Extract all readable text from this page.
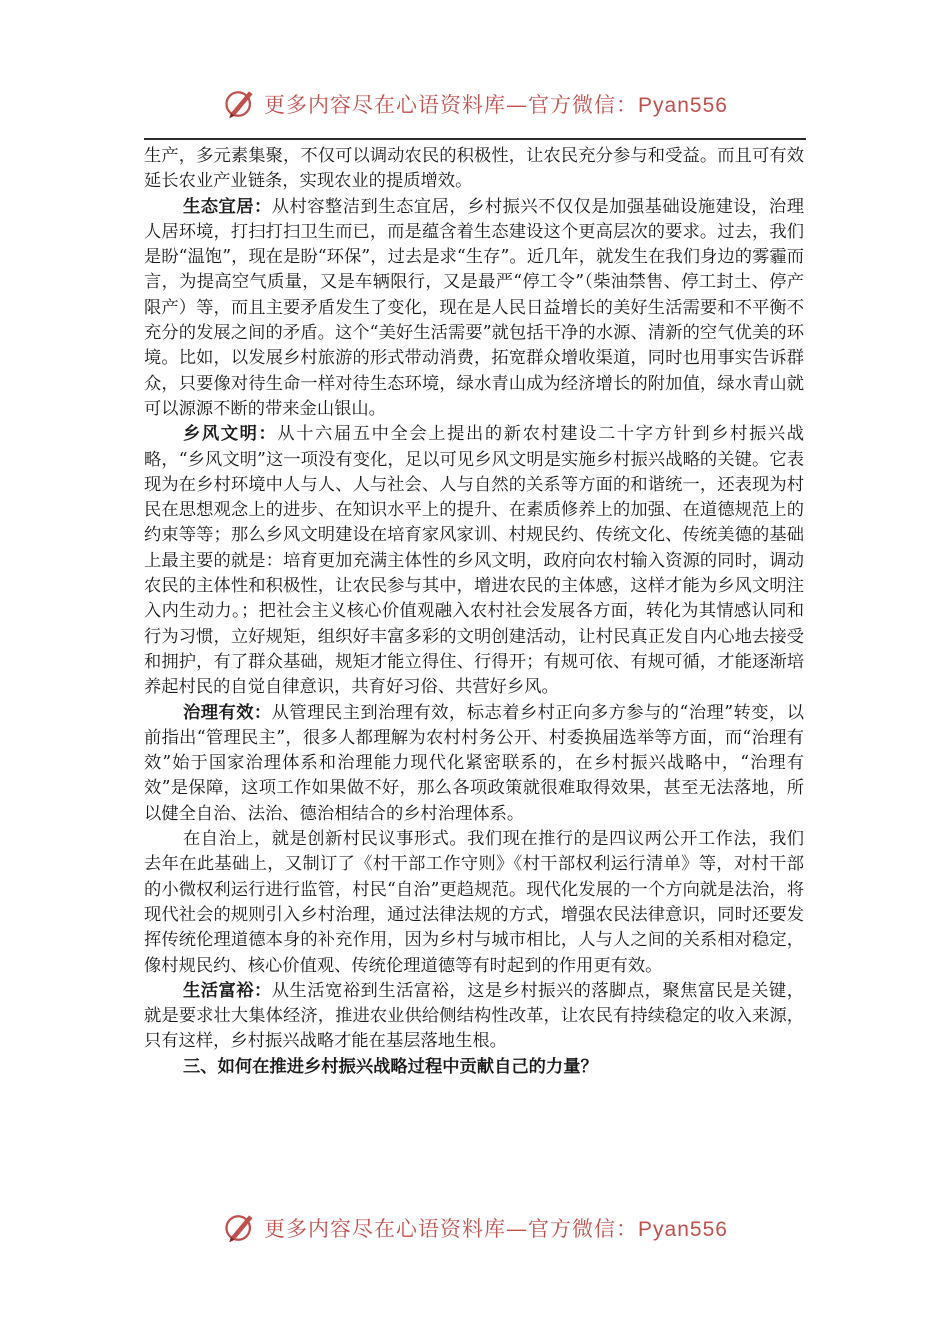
更多内容尽在心语资料库—官方微信：Pyan556

生产，多元素集聚，不仅可以调动农民的积极性，让农民充分参与和受益。而且可有效延长农业产业链条，实现农业的提质增效。

生态宜居：从村容整洁到生态宜居，乡村振兴不仅仅是加强基础设施建设，治理人居环境，打扫打扫卫生而已，而是蕴含着生态建设这个更高层次的要求。过去，我们是盼“温饱”，现在是盼“环保”，过去是求“生存”。近几年，就发生在我们身边的雾霾而言，为提高空气质量，又是车辆限行，又是最严“停工令”（柴油禁售、停工封土、停产限产）等，而且主要矛盾发生了变化，现在是人民日益增长的美好生活需要和不平衡不充分的发展之间的矛盾。这个“美好生活需要”就包括干净的水源、清新的空气优美的环境。比如，以发展乡村旅游的形式带动消费，拓宽群众增收渠道，同时也用事实告诉群众，只要像对待生命一样对待生态环境，绿水青山成为经济增长的附加值，绿水青山就可以源源不断的带来金山银山。

乡风文明：从十六届五中全会上提出的新农村建设二十字方针到乡村振兴战略，“乡风文明”这一项没有变化，足以可见乡风文明是实施乡村振兴战略的关键。它表现为在乡村环境中人与人、人与社会、人与自然的关系等方面的和谐统一，还表现为村民在思想观念上的进步、在知识水平上的提升、在素质修养上的加强、在道德规范上的约束等等；那么乡风文明建设在培育家风家训、村规民约、传统文化、传统美德的基础上最主要的就是：培育更加充满主体性的乡风文明，政府向农村输入资源的同时，调动农民的主体性和积极性，让农民参与其中，增进农民的主体感，这样才能为乡风文明注入内生动力。；把社会主义核心价值观融入农村社会发展各方面，转化为其情感认同和行为习惯，立好规矩，组织好丰富多彩的文明创建活动，让村民真正发自内心地去接受和拥护，有了群众基础，规矩才能立得住、行得开；有规可依、有规可循，才能逐渐培养起村民的自觉自律意识，共育好习俗、共营好乡风。

治理有效：从管理民主到治理有效，标志着乡村正向多方参与的“治理”转变，以前指出“管理民主”，很多人都理解为农村村务公开、村委换届选举等方面，而“治理有效”始于国家治理体系和治理能力现代化紧密联系的，在乡村振兴战略中，“治理有效”是保障，这项工作如果做不好，那么各项政策就很难取得效果，甚至无法落地，所以健全自治、法治、德治相结合的乡村治理体系。

在自治上，就是创新村民议事形式。我们现在推行的是四议两公开工作法，我们去年在此基础上，又制订了《村干部工作守则》《村干部权利运行清单》等，对村干部的小微权利运行进行监管，村民“自治”更趋规范。现代化发展的一个方向就是法治，将现代社会的规则引入乡村治理，通过法律法规的方式，增强农民法律意识，同时还要发挥传统伦理道德本身的补充作用，因为乡村与城市相比，人与人之间的关系相对稳定，像村规民约、核心价值观、传统伦理道德等有时起到的作用更有效。

生活富裕：从生活宽裕到生活富裕，这是乡村振兴的落脚点，聚焦富民是关键，就是要求壮大集体经济，推进农业供给侧结构性改革，让农民有持续稳定的收入来源，只有这样，乡村振兴战略才能在基层落地生根。

三、如何在推进乡村振兴战略过程中贡献自己的力量？

更多内容尽在心语资料库—官方微信：Pyan556
